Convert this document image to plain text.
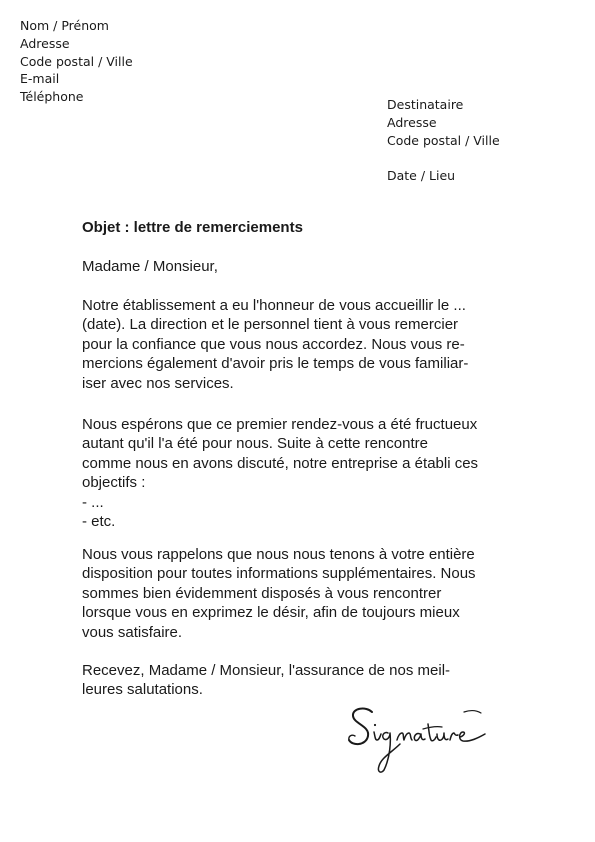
Nom / Prénom
Adresse
Code postal / Ville
E-mail
Téléphone
Destinataire
Adresse
Code postal / Ville
Date / Lieu
Objet : lettre de remerciements
Madame / Monsieur,
Notre établissement a eu l'honneur de vous accueillir le ...
(date). La direction et le personnel tient à vous remercier
pour la confiance que vous nous accordez. Nous vous re-
mercions également d'avoir pris le temps de vous familiar-
iser avec nos services.
Nous espérons que ce premier rendez-vous a été fructueux
autant qu'il l'a été pour nous. Suite à cette rencontre
comme nous en avons discuté, notre entreprise a établi ces
objectifs :
- ...
- etc.
Nous vous rappelons que nous nous tenons à votre entière
disposition pour toutes informations supplémentaires. Nous
sommes bien évidemment disposés à vous rencontrer
lorsque vous en exprimez le désir, afin de toujours mieux
vous satisfaire.
Recevez, Madame / Monsieur, l'assurance de nos meil-
leures salutations.
